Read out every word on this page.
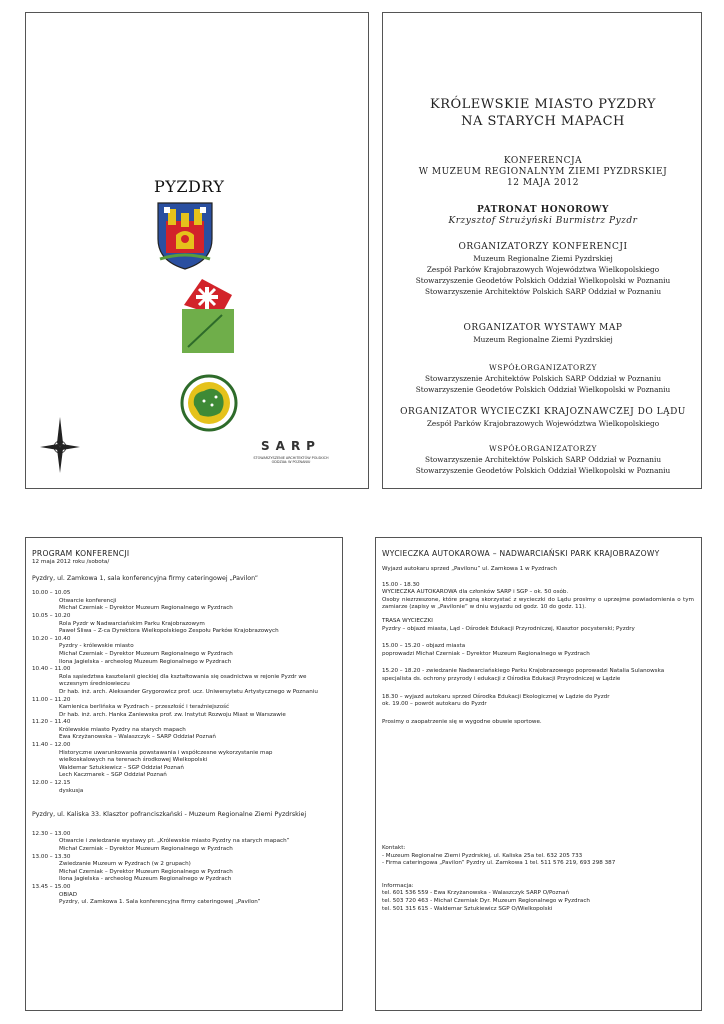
PYZDRY
SARP
STOWARZYSZENIE ARCHITEKTÓW POLSKICH
ODDZIAŁ W POZNANIU
KRÓLEWSKIE MIASTO PYZDRY
NA STARYCH MAPACH
KONFERENCJA
W MUZEUM REGIONALNYM ZIEMI PYZDRSKIEJ
12 MAJA 2012
PATRONAT HONOROWY
Krzysztof Strużyński Burmistrz Pyzdr
ORGANIZATORZY KONFERENCJI
Muzeum Regionalne Ziemi Pyzdrskiej
Zespół Parków Krajobrazowych Województwa Wielkopolskiego
Stowarzyszenie Geodetów Polskich Oddział Wielkopolski w Poznaniu
Stowarzyszenie Architektów Polskich SARP Oddział w Poznaniu
ORGANIZATOR WYSTAWY MAP
Muzeum Regionalne Ziemi Pyzdrskiej
WSPÓŁORGANIZATORZY
Stowarzyszenie Architektów Polskich SARP Oddział w Poznaniu
Stowarzyszenie Geodetów Polskich Oddział Wielkopolski w Poznaniu
ORGANIZATOR WYCIECZKI KRAJOZNAWCZEJ DO LĄDU
Zespół Parków Krajobrazowych Województwa Wielkopolskiego
WSPÓŁORGANIZATORZY
Stowarzyszenie Architektów Polskich SARP Oddział w Poznaniu
Stowarzyszenie Geodetów Polskich Oddział Wielkopolski w Poznaniu
PROGRAM KONFERENCJI
12 maja 2012 roku /sobota/
Pyzdry, ul. Zamkowa 1, sala konferencyjna firmy cateringowej „Pavilon”
10.00 – 10.05
Otwarcie konferencji
Michał Czerniak – Dyrektor Muzeum Regionalnego w Pyzdrach
10.05 – 10.20
Rola Pyzdr w Nadwarciańskim Parku Krajobrazowym
Paweł Śliwa – Z-ca Dyrektora Wielkopolskiego Zespołu Parków Krajobrazowych
10.20 – 10.40
Pyzdry - królewskie miasto
Michał Czerniak – Dyrektor Muzeum Regionalnego w Pyzdrach
Ilona Jagielska - archeolog Muzeum Regionalnego w Pyzdrach
10.40 – 11.00
Rola sąsiedztwa kasztelanii gieckiej dla kształtowania się osadnictwa w rejonie Pyzdr we
wczesnym średniowieczu
Dr hab. inż. arch. Aleksander Grygorowicz prof. ucz. Uniwersytetu Artystycznego w Poznaniu
11.00 – 11.20
Kamienica berlińska w Pyzdrach – przeszłość i teraźniejszość
Dr hab. inż. arch. Hanka Zaniewska prof. zw. Instytut Rozwoju Miast w Warszawie
11.20 – 11.40
Królewskie miasto Pyzdry na starych mapach
Ewa Krzyżanowska – Walaszczyk – SARP Oddział Poznań
11.40 – 12.00
Historyczne uwarunkowania powstawania i współczesne wykorzystanie map
wielkoskalowych na terenach środkowej Wielkopolski
Waldemar Sztukiewicz – SGP Oddział Poznań
Lech Kaczmarek – SGP Oddział Poznań
12.00 – 12.15
dyskusja
Pyzdry, ul. Kaliska 33. Klasztor pofranciszkański - Muzeum Regionalne Ziemi Pyzdrskiej
12.30 – 13.00
Otwarcie i zwiedzanie wystawy pt. „Królewskie miasto Pyzdry na starych mapach”
Michał Czerniak – Dyrektor Muzeum Regionalnego w Pyzdrach
13.00 – 13.30
Zwiedzanie Muzeum w Pyzdrach (w 2 grupach)
Michał Czerniak – Dyrektor Muzeum Regionalnego w Pyzdrach
Ilona Jagielska - archeolog Muzeum Regionalnego w Pyzdrach
13.45 – 15.00
OBIAD
Pyzdry, ul. Zamkowa 1. Sala konferencyjna firmy cateringowej „Pavilon”
WYCIECZKA AUTOKAROWA – NADWARCIAŃSKI PARK KRAJOBRAZOWY
Wyjazd autokaru sprzed „Pavilonu” ul. Zamkowa 1 w Pyzdrach
15.00 - 18.30
WYCIECZKA AUTOKAROWA dla członków SARP i SGP – ok. 50 osób.
Osoby niezrzeszone, które pragną skorzystać z wycieczki do Lądu prosimy o uprzejme powiadomienia o tym zamiarze (zapisy w „Pavilonie” w dniu wyjazdu od godz. 10 do godz. 11).
TRASA WYCIECZKI
Pyzdry – objazd miasta, Ląd - Ośrodek Edukacji Przyrodniczej, Klasztor pocysterski; Pyzdry
15.00 – 15.20 - objazd miasta
poprowadzi Michał Czerniak – Dyrektor Muzeum Regionalnego w Pyzdrach
15.20 – 18.20 - zwiedzanie Nadwarciańskiego Parku Krajobrazowego poprowadzi Natalia Sulanowska specjalista ds. ochrony przyrody i edukacji z Ośrodka Edukacji Przyrodniczej w Lądzie
18.30 – wyjazd autokaru sprzed Ośrodka Edukacji Ekologicznej w Lądzie do Pyzdr
ok. 19.00 – powrót autokaru do Pyzdr
Prosimy o zaopatrzenie się w wygodne obuwie sportowe.
Kontakt:
- Muzeum Regionalne Ziemi Pyzdrskiej, ul. Kaliska 25a tel. 632 205 733
- Firma cateringowa „Pavilon” Pyzdry ul. Zamkowa 1 tel. 511 576 219, 693 298 387
Informacja:
tel. 601 536 559 - Ewa Krzyżanowska - Walaszczyk SARP O/Poznań
tel. 503 720 463 - Michał Czerniak Dyr. Muzeum Regionalnego w Pyzdrach
tel. 501 315 615 - Waldemar Sztukiewicz SGP O/Wielkopolski
